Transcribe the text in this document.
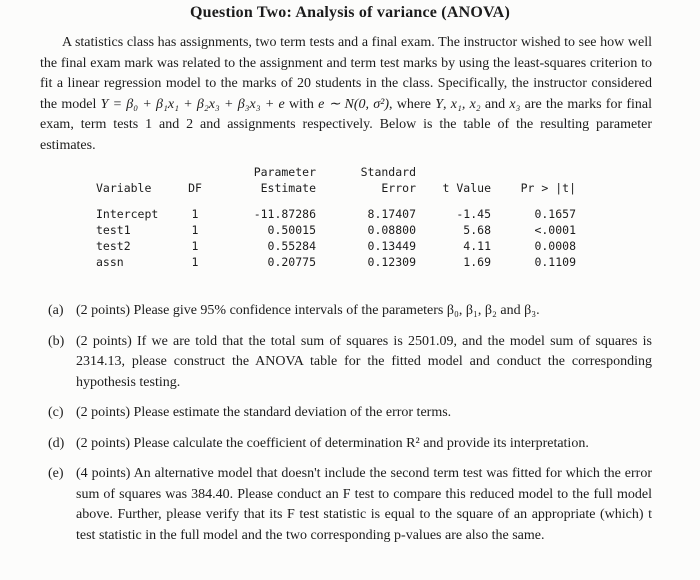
Question Two: Analysis of variance (ANOVA)
A statistics class has assignments, two term tests and a final exam. The instructor wished to see how well the final exam mark was related to the assignment and term test marks by using the least-squares criterion to fit a linear regression model to the marks of 20 students in the class. Specifically, the instructor considered the model Y = β₀ + β₁x₁ + β₂x₃ + β₃x₃ + e with e ∼ N(0, σ²), where Y, x₁, x₂ and x₃ are the marks for final exam, term tests 1 and 2 and assignments respectively. Below is the table of the resulting parameter estimates.
		Parameter	Standard		
Variable	DF	Estimate	Error	t Value	Pr > |t|

Intercept	1	-11.87286	8.17407	-1.45	0.1657
test1	1	0.50015	0.08800	5.68	<.0001
test2	1	0.55284	0.13449	4.11	0.0008
assn	1	0.20775	0.12309	1.69	0.1109
(a) (2 points) Please give 95% confidence intervals of the parameters β₀, β₁, β₂ and β₃.
(b) (2 points) If we are told that the total sum of squares is 2501.09, and the model sum of squares is 2314.13, please construct the ANOVA table for the fitted model and conduct the corresponding hypothesis testing.
(c) (2 points) Please estimate the standard deviation of the error terms.
(d) (2 points) Please calculate the coefficient of determination R² and provide its interpretation.
(e) (4 points) An alternative model that doesn't include the second term test was fitted for which the error sum of squares was 384.40. Please conduct an F test to compare this reduced model to the full model above. Further, please verify that its F test statistic is equal to the square of an appropriate (which) t test statistic in the full model and the two corresponding p-values are also the same.
